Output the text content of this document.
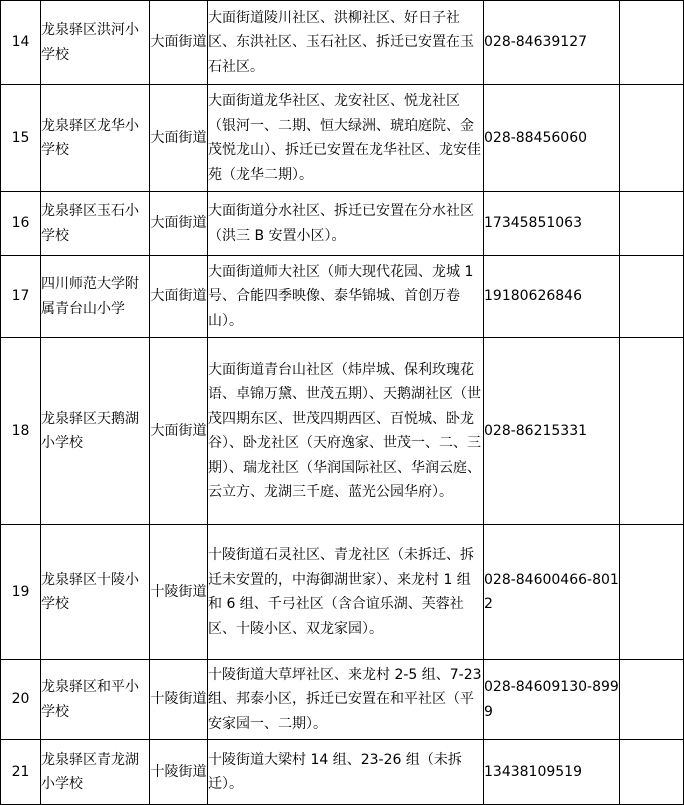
14	龙泉驿区洪河小学校	大面街道	大面街道陵川社区、洪柳社区、好日子社区、东洪社区、玉石社区、拆迁已安置在玉石社区。	028-84639127	
15	龙泉驿区龙华小学校	大面街道	大面街道龙华社区、龙安社区、悦龙社区（银河一、二期、恒大绿洲、琥珀庭院、金茂悦龙山）、拆迁已安置在龙华社区、龙安佳苑（龙华二期）。	028-88456060	
16	龙泉驿区玉石小学校	大面街道	大面街道分水社区、拆迁已安置在分水社区（洪三 B 安置小区）。	17345851063	
17	四川师范大学附属青台山小学	大面街道	大面街道师大社区（师大现代花园、龙城 1 号、合能四季映像、泰华锦城、首创万卷山）。	19180626846	
18	龙泉驿区天鹅湖小学校	大面街道	大面街道青台山社区（炜岸城、保利玫瑰花语、卓锦万黛、世茂五期）、天鹅湖社区（世茂四期东区、世茂四期西区、百悦城、卧龙谷）、卧龙社区（天府逸家、世茂一、二、三期）、瑞龙社区（华润国际社区、华润云庭、云立方、龙湖三千庭、蓝光公园华府）。	028-86215331	
19	龙泉驿区十陵小学校	十陵街道	十陵街道石灵社区、青龙社区（未拆迁、拆迁未安置的，中海御湖世家）、来龙村 1 组和 6 组、千弓社区（含合谊乐湖、芙蓉社区、十陵小区、双龙家园）。	028-84600466-8012	
20	龙泉驿区和平小学校	十陵街道	十陵街道大草坪社区、来龙村 2-5 组、7-23 组、邦泰小区，拆迁已安置在和平社区（平安家园一、二期）。	028-84609130-8999	
21	龙泉驿区青龙湖小学校	十陵街道	十陵街道大梁村 14 组、23-26 组（未拆迁）。	13438109519	
